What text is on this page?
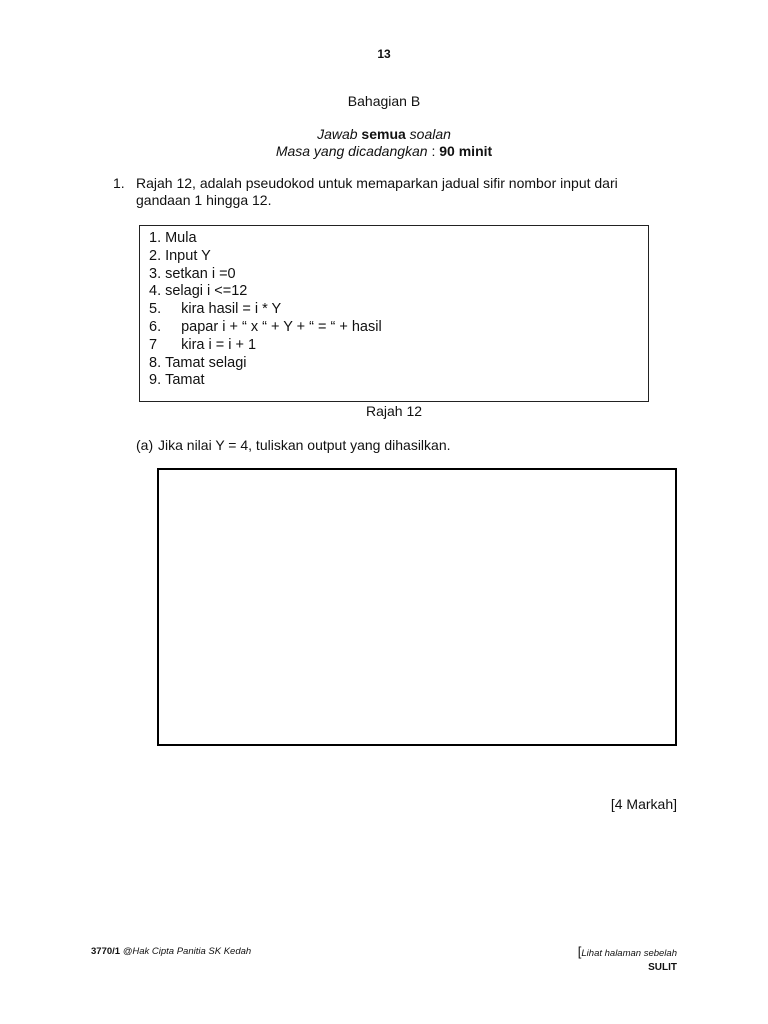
13
Bahagian B
Jawab semua soalan
Masa yang dicadangkan : 90 minit
1. Rajah 12, adalah pseudokod untuk memaparkan jadual sifir nombor input dari gandaan 1 hingga 12.
1. Mula
2. Input Y
3. setkan i =0
4. selagi i <=12
5. kira hasil = i * Y
6. papar i + “ x “ + Y + “ = “ + hasil
7 kira i = i + 1
8. Tamat selagi
9. Tamat
Rajah 12
(a) Jika nilai Y = 4, tuliskan output yang dihasilkan.
[4 Markah]
3770/1 @Hak Cipta Panitia SK Kedah	[Lihat halaman sebelah
SULIT
